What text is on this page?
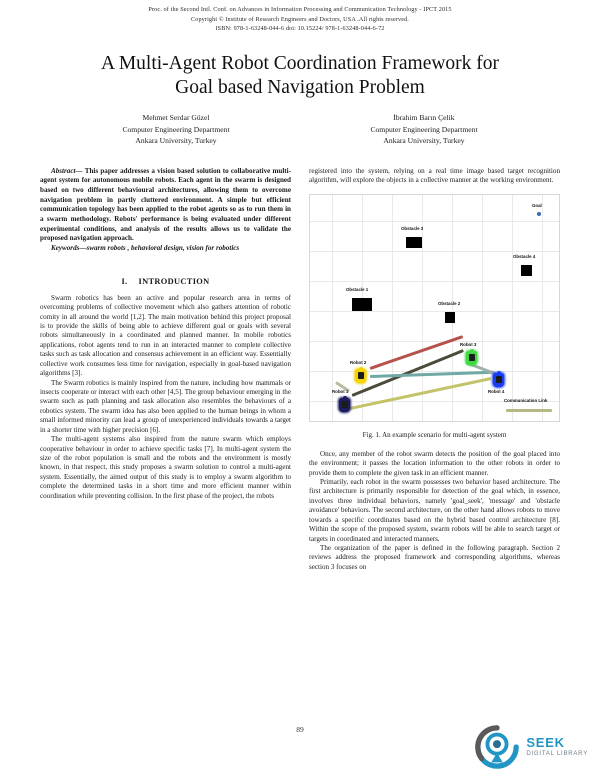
Proc. of the Second Intl. Conf. on Advances in Information Processing and Communication Technology - IPCT 2015
Copyright © Institute of Research Engineers and Doctors, USA .All rights reserved.
ISBN: 978-1-63248-044-6 doi: 10.15224/ 978-1-63248-044-6-72
A Multi-Agent Robot Coordination Framework for
Goal based Navigation Problem
Mehmet Serdar Güzel
Computer Engineering Department
Ankara University, Turkey
İbrahim Barın Çelik
Computer Engineering Department
Ankara University, Turkey

Abstract— This paper addresses a vision based solution to collaborative multi-agent system for autonomous mobile robots. Each agent in the swarm is designed based on two different behavioural architectures, allowing them to overcome navigation problem in partly cluttered environment. A simple but efficient communication topology has been applied to the robot agents so as to run them in a swarm methodology. Robots' performance is being evaluated under different experimental conditions, and analysis of the results allows us to validate the proposed navigation approach.

Keywords—swarm robots , behavioral design, vision for robotics

I. INTRODUCTION

Swarm robotics has been an active and popular research area in terms of overcoming problems of collective movement which also gathers attention of robotic comity in all around the world [1,2]. The main motivation behind this project proposal is to provide the skills of being able to achieve different goal or goals with several robots simultaneously in a coordinated and planned manner. In mobile robotics applications, robot agents tend to run in an interacted manner to complete collective tasks such as task allocation and consensus achievement in an efficient way. Essentially collective work consumes less time for navigation, especially in goal-based navigation algorithms [3].

The Swarm robotics is mainly inspired from the nature, including how mammals or insects cooperate or interact with each other [4,5]. The group behaviour emerging in the swarm such as path planning and task allocation also resembles the behaviours of a robotics system. The swarm idea has also been applied to the human beings in whom a small informed minority can lead a group of unexperienced individuals towards a target in a shorter time with higher precision [6].

The multi-agent systems also inspired from the nature swarm which employs cooperative behaviour in order to achieve specific tasks [7]. In multi-agent system the size of the robot population is small and the robots and the environment is mostly known, in that respect, this study proposes a swarm solution to control a multi-agent system. Essentially, the aimed output of this study is to employ a swarm algorithm to complete the determined tasks in a short time and more efficient manner within coordination while preventing collision. In the first phase of the project, the robots

registered into the system, relying on a real time image based target recognition algorithm, will explore the objects in a collective manner at the working environment.

Goal
Obstacle 3
Obstacle 4
Obstacle 1
Obstacle 2
Robot 2
Robot 1
Robot 3
Robot 4
Communication Link
Fig. 1. An example scenario for multi-agent system

Once, any member of the robot swarm detects the position of the goal placed into the environment; it passes the location information to the other robots in order to provide them to complete the given task in an efficient manner.

Primarily, each robot in the swarm possesses two behavior based architecture. The first architecture is primarily responsible for detection of the goal which, in essence, involves three individual behaviors, namely 'goal_seek', 'message' and 'obstacle avoidance' behaviors. The second architecture, on the other hand allows robots to move towards a specific coordinates based on the hybrid based control architecture [8]. Within the scope of the proposed system, swarm robots will be able to search target or targets in coordinated and interacted manners.

The organization of the paper is defined in the following paragraph. Section 2 reviews address the proposed framework and corresponding algorithms, whereas section 3 focuses on

89
SEEK
DIGITAL LIBRARY
